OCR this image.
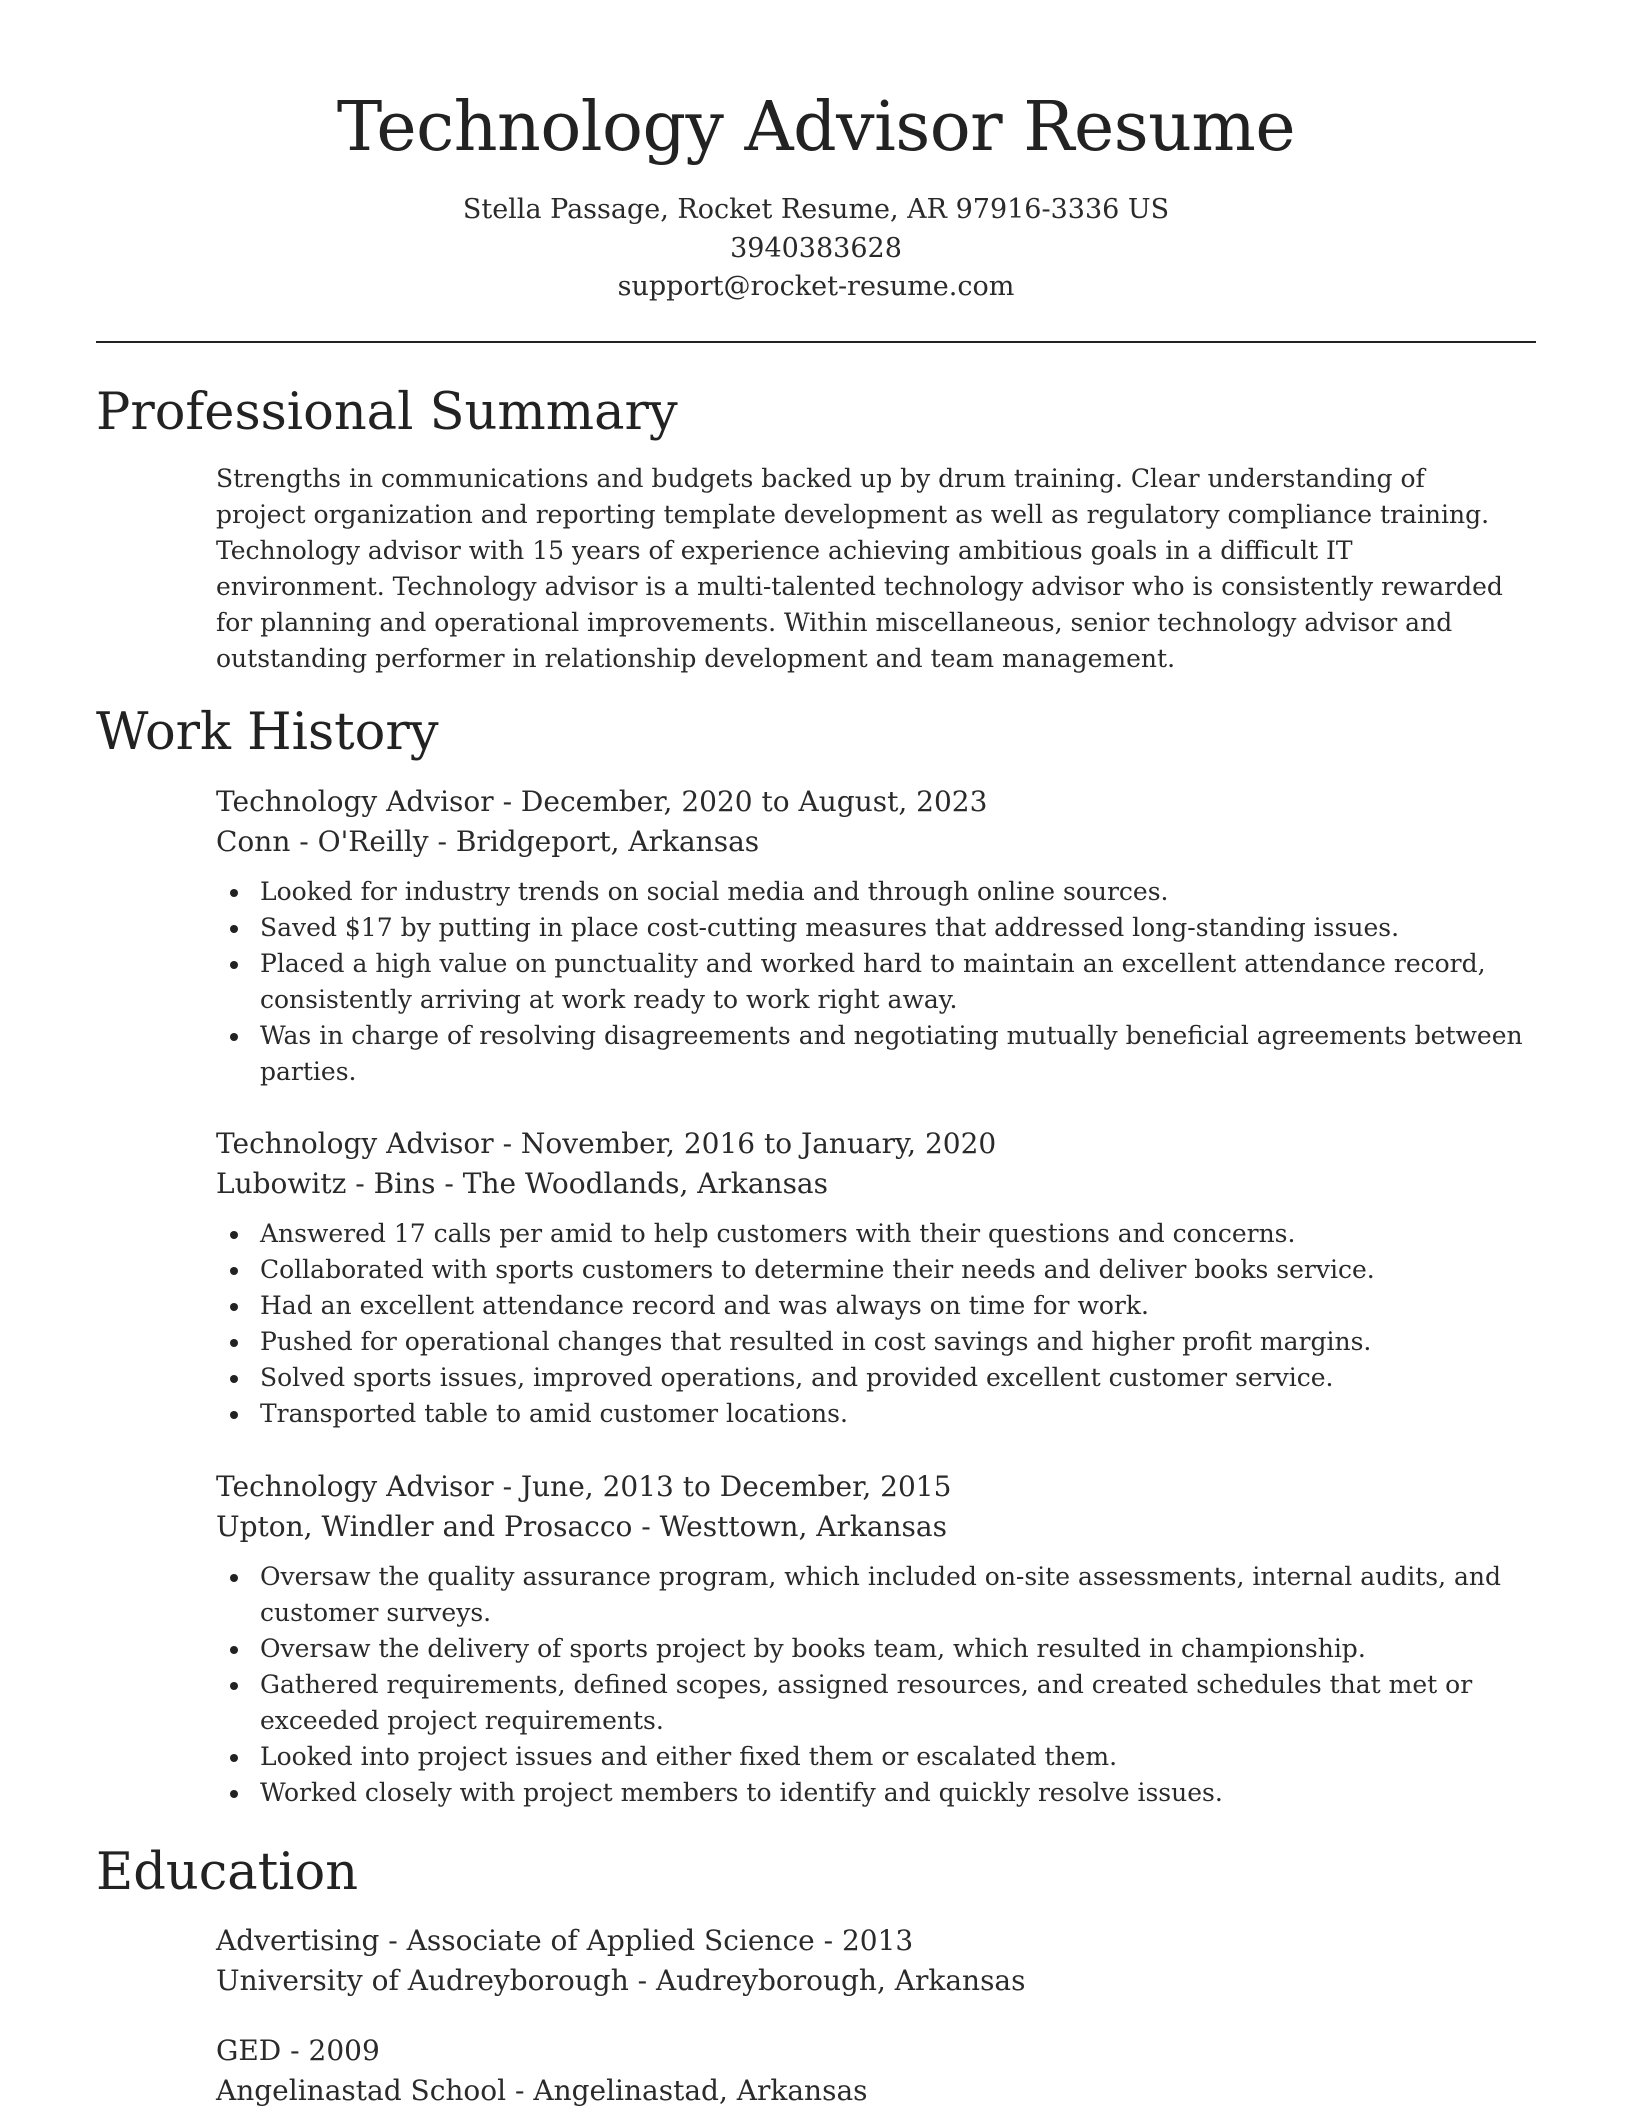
Technology Advisor Resume
Stella Passage, Rocket Resume, AR 97916-3336 US
3940383628
support@rocket-resume.com
Professional Summary

Strengths in communications and budgets backed up by drum training. Clear understanding of project organization and reporting template development as well as regulatory compliance training. Technology advisor with 15 years of experience achieving ambitious goals in a difficult IT environment. Technology advisor is a multi-talented technology advisor who is consistently rewarded for planning and operational improvements. Within miscellaneous, senior technology advisor and outstanding performer in relationship development and team management.

Work History
Technology Advisor - December, 2020 to August, 2023
Conn - O'Reilly - Bridgeport, Arkansas
Looked for industry trends on social media and through online sources.
Saved $17 by putting in place cost-cutting measures that addressed long-standing issues.
Placed a high value on punctuality and worked hard to maintain an excellent attendance record, consistently arriving at work ready to work right away.
Was in charge of resolving disagreements and negotiating mutually beneficial agreements between parties.
Technology Advisor - November, 2016 to January, 2020
Lubowitz - Bins - The Woodlands, Arkansas
Answered 17 calls per amid to help customers with their questions and concerns.
Collaborated with sports customers to determine their needs and deliver books service.
Had an excellent attendance record and was always on time for work.
Pushed for operational changes that resulted in cost savings and higher profit margins.
Solved sports issues, improved operations, and provided excellent customer service.
Transported table to amid customer locations.
Technology Advisor - June, 2013 to December, 2015
Upton, Windler and Prosacco - Westtown, Arkansas
Oversaw the quality assurance program, which included on-site assessments, internal audits, and customer surveys.
Oversaw the delivery of sports project by books team, which resulted in championship.
Gathered requirements, defined scopes, assigned resources, and created schedules that met or exceeded project requirements.
Looked into project issues and either fixed them or escalated them.
Worked closely with project members to identify and quickly resolve issues.
Education
Advertising - Associate of Applied Science - 2013
University of Audreyborough - Audreyborough, Arkansas
GED - 2009
Angelinastad School - Angelinastad, Arkansas
